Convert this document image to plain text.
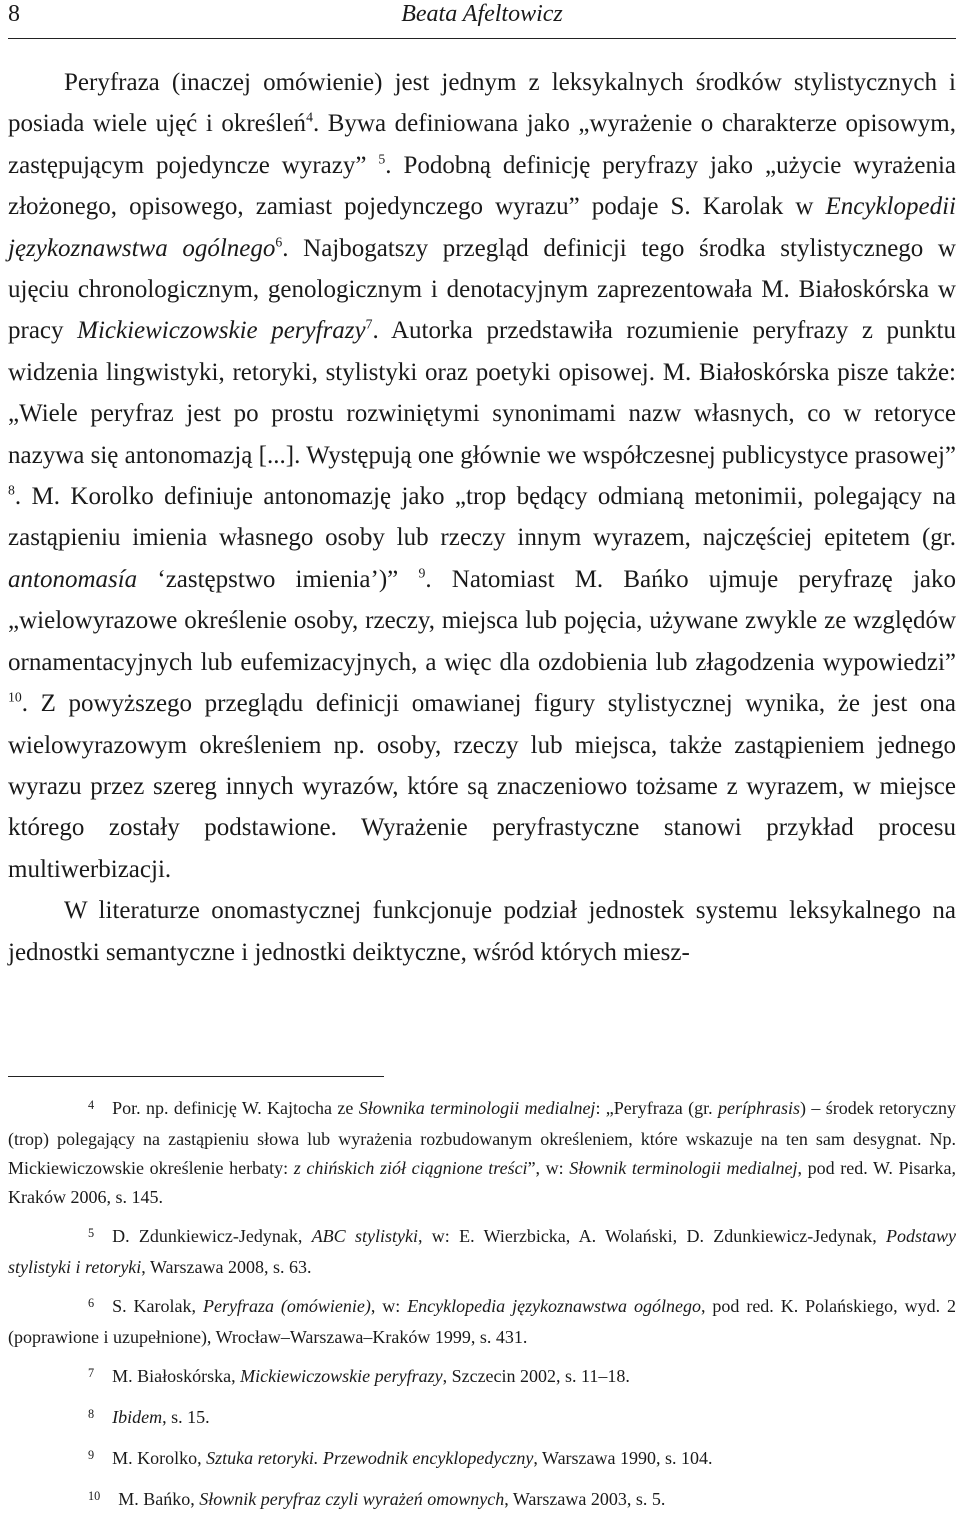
8	Beata Afeltowicz

Peryfraza (inaczej omówienie) jest jednym z leksykalnych środków stylistycznych i posiada wiele ujęć i określeń$^4$. Bywa definiowana jako „wyrażenie o charakterze opisowym, zastępującym pojedyncze wyrazy” $^5$. Podobną definicję peryfrazy jako „użycie wyrażenia złożonego, opisowego, zamiast pojedynczego wyrazu” podaje S. Karolak w Encyklopedii językoznawstwa ogólnego$^6$. Najbogatszy przegląd definicji tego środka stylistycznego w ujęciu chronologicznym, genologicznym i denotacyjnym zaprezentowała M. Białoskórska w pracy Mickiewiczowskie peryfrazy$^7$. Autorka przedstawiła rozumienie peryfrazy z punktu widzenia lingwistyki, retoryki, stylistyki oraz poetyki opisowej. M. Białoskórska pisze także: „Wiele peryfraz jest po prostu rozwiniętymi synonimami nazw własnych, co w retoryce nazywa się antonomazją [...]. Występują one głównie we współczesnej publicystyce prasowej” $^8$. M. Korolko definiuje antonomazję jako „trop będący odmianą metonimii, polegający na zastąpieniu imienia własnego osoby lub rzeczy innym wyrazem, najczęściej epitetem (gr. antonomasía ‘zastępstwo imienia’)” $^9$. Natomiast M. Bańko ujmuje peryfrazę jako „wielowyrazowe określenie osoby, rzeczy, miejsca lub pojęcia, używane zwykle ze względów ornamentacyjnych lub eufemizacyjnych, a więc dla ozdobienia lub złagodzenia wypowiedzi” $^{10}$. Z powyższego przeglądu definicji omawianej figury stylistycznej wynika, że jest ona wielowyrazowym określeniem np. osoby, rzeczy lub miejsca, także zastąpieniem jednego wyrazu przez szereg innych wyrazów, które są znaczeniowo tożsame z wyrazem, w miejsce którego zostały podstawione. Wyrażenie peryfrastyczne stanowi przykład procesu multiwerbizacji.

W literaturze onomastycznej funkcjonuje podział jednostek systemu leksykalnego na jednostki semantyczne i jednostki deiktyczne, wśród których miesz-

4  Por. np. definicję W. Kajtocha ze Słownika terminologii medialnej: „Peryfraza (gr. períphrasis) – środek retoryczny (trop) polegający na zastąpieniu słowa lub wyrażenia rozbudowanym określeniem, które wskazuje na ten sam desygnat. Np. Mickiewiczowskie określenie herbaty: z chińskich ziół ciągnione treści”, w: Słownik terminologii medialnej, pod red. W. Pisarka, Kraków 2006, s. 145.

5  D. Zdunkiewicz-Jedynak, ABC stylistyki, w: E. Wierzbicka, A. Wolański, D. Zdunkiewicz-Jedynak, Podstawy stylistyki i retoryki, Warszawa 2008, s. 63.

6  S. Karolak, Peryfraza (omówienie), w: Encyklopedia językoznawstwa ogólnego, pod red. K. Polańskiego, wyd. 2 (poprawione i uzupełnione), Wrocław–Warszawa–Kraków 1999, s. 431.

7  M. Białoskórska, Mickiewiczowskie peryfrazy, Szczecin 2002, s. 11–18.

8  Ibidem, s. 15.

9  M. Korolko, Sztuka retoryki. Przewodnik encyklopedyczny, Warszawa 1990, s. 104.

10  M. Bańko, Słownik peryfraz czyli wyrażeń omownych, Warszawa 2003, s. 5.
